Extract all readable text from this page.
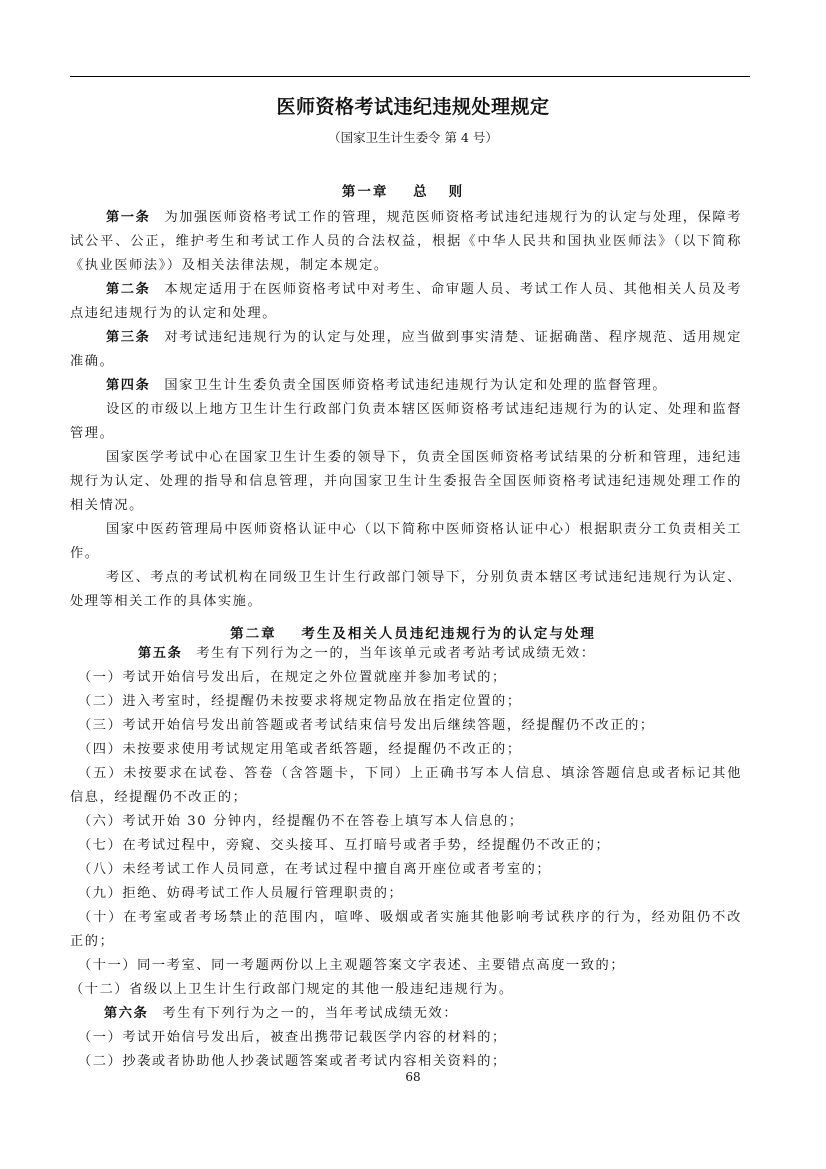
医师资格考试违纪违规处理规定
（国家卫生计生委令 第 4 号）
第一章 总则

第一条 为加强医师资格考试工作的管理，规范医师资格考试违纪违规行为的认定与处理，保障考试公平、公正，维护考生和考试工作人员的合法权益，根据《中华人民共和国执业医师法》（以下简称《执业医师法》）及相关法律法规，制定本规定。

第二条 本规定适用于在医师资格考试中对考生、命审题人员、考试工作人员、其他相关人员及考点违纪违规行为的认定和处理。

第三条 对考试违纪违规行为的认定与处理，应当做到事实清楚、证据确凿、程序规范、适用规定准确。

第四条 国家卫生计生委负责全国医师资格考试违纪违规行为认定和处理的监督管理。

设区的市级以上地方卫生计生行政部门负责本辖区医师资格考试违纪违规行为的认定、处理和监督管理。

国家医学考试中心在国家卫生计生委的领导下，负责全国医师资格考试结果的分析和管理，违纪违规行为认定、处理的指导和信息管理，并向国家卫生计生委报告全国医师资格考试违纪违规处理工作的相关情况。

国家中医药管理局中医师资格认证中心（以下简称中医师资格认证中心）根据职责分工负责相关工作。

考区、考点的考试机构在同级卫生计生行政部门领导下，分别负责本辖区考试违纪违规行为认定、处理等相关工作的具体实施。

第二章 考生及相关人员违纪违规行为的认定与处理

第五条 考生有下列行为之一的，当年该单元或者考站考试成绩无效：

（一）考试开始信号发出后，在规定之外位置就座并参加考试的；

（二）进入考室时，经提醒仍未按要求将规定物品放在指定位置的；

（三）考试开始信号发出前答题或者考试结束信号发出后继续答题，经提醒仍不改正的；

（四）未按要求使用考试规定用笔或者纸答题，经提醒仍不改正的；

（五）未按要求在试卷、答卷（含答题卡，下同）上正确书写本人信息、填涂答题信息或者标记其他信息，经提醒仍不改正的；

（六）考试开始 30 分钟内，经提醒仍不在答卷上填写本人信息的；

（七）在考试过程中，旁窥、交头接耳、互打暗号或者手势，经提醒仍不改正的；

（八）未经考试工作人员同意，在考试过程中擅自离开座位或者考室的；

（九）拒绝、妨碍考试工作人员履行管理职责的；

（十）在考室或者考场禁止的范围内，喧哗、吸烟或者实施其他影响考试秩序的行为，经劝阻仍不改正的；

（十一）同一考室、同一考题两份以上主观题答案文字表述、主要错点高度一致的；

（十二）省级以上卫生计生行政部门规定的其他一般违纪违规行为。

第六条 考生有下列行为之一的，当年考试成绩无效：

（一）考试开始信号发出后，被查出携带记载医学内容的材料的；

（二）抄袭或者协助他人抄袭试题答案或者考试内容相关资料的；

68
